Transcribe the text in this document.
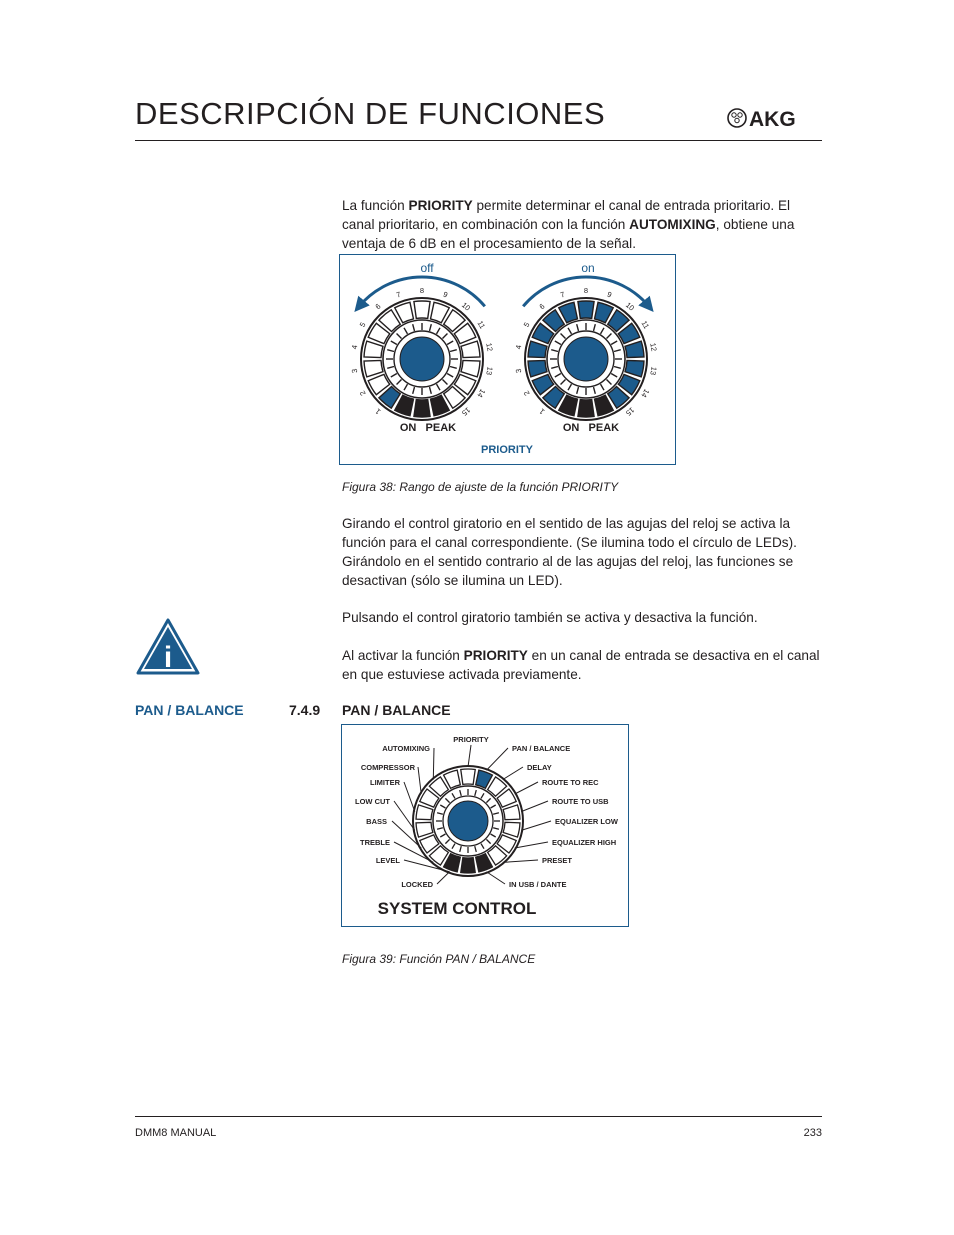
DESCRIPCIÓN DE FUNCIONES	AKG
La función PRIORITY permite determinar el canal de entrada prioritario. El canal prioritario, en combinación con la función AUTOMIXING, obtiene una ventaja de 6 dB en el procesamiento de la señal.
off	on
1
2
3
4
5
6
7 8 9
10
11
12
13
14
15	1
2
3
4
5
6
7 8 9
10
11
12
13
14
15
ON   PEAK	ON   PEAK
PRIORITY
Figura 38: Rango de ajuste de la función PRIORITY
Girando el control giratorio en el sentido de las agujas del reloj se activa la función para el canal correspondiente. (Se ilumina todo el círculo de LEDs). Girándolo en el sentido contrario al de las agujas del reloj, las funciones se desactivan (sólo se ilumina un LED).
Pulsando el control giratorio también se activa y desactiva la función.
Al activar la función PRIORITY en un canal de entrada se desactiva en el canal en que estuviese activada previamente.
i
PAN / BALANCE	7.4.9 PAN / BALANCE
AUTOMIXING
COMPRESSOR
LIMITER
LOW CUT
BASS
TREBLE
LEVEL
LOCKED
PAN / BALANCE
DELAY
ROUTE TO REC
ROUTE TO USB
EQUALIZER LOW
EQUALIZER HIGH
PRESET
IN USB / DANTE
PRIORITY
SYSTEM CONTROL
Figura 39: Función PAN / BALANCE
DMM8 MANUAL	233
